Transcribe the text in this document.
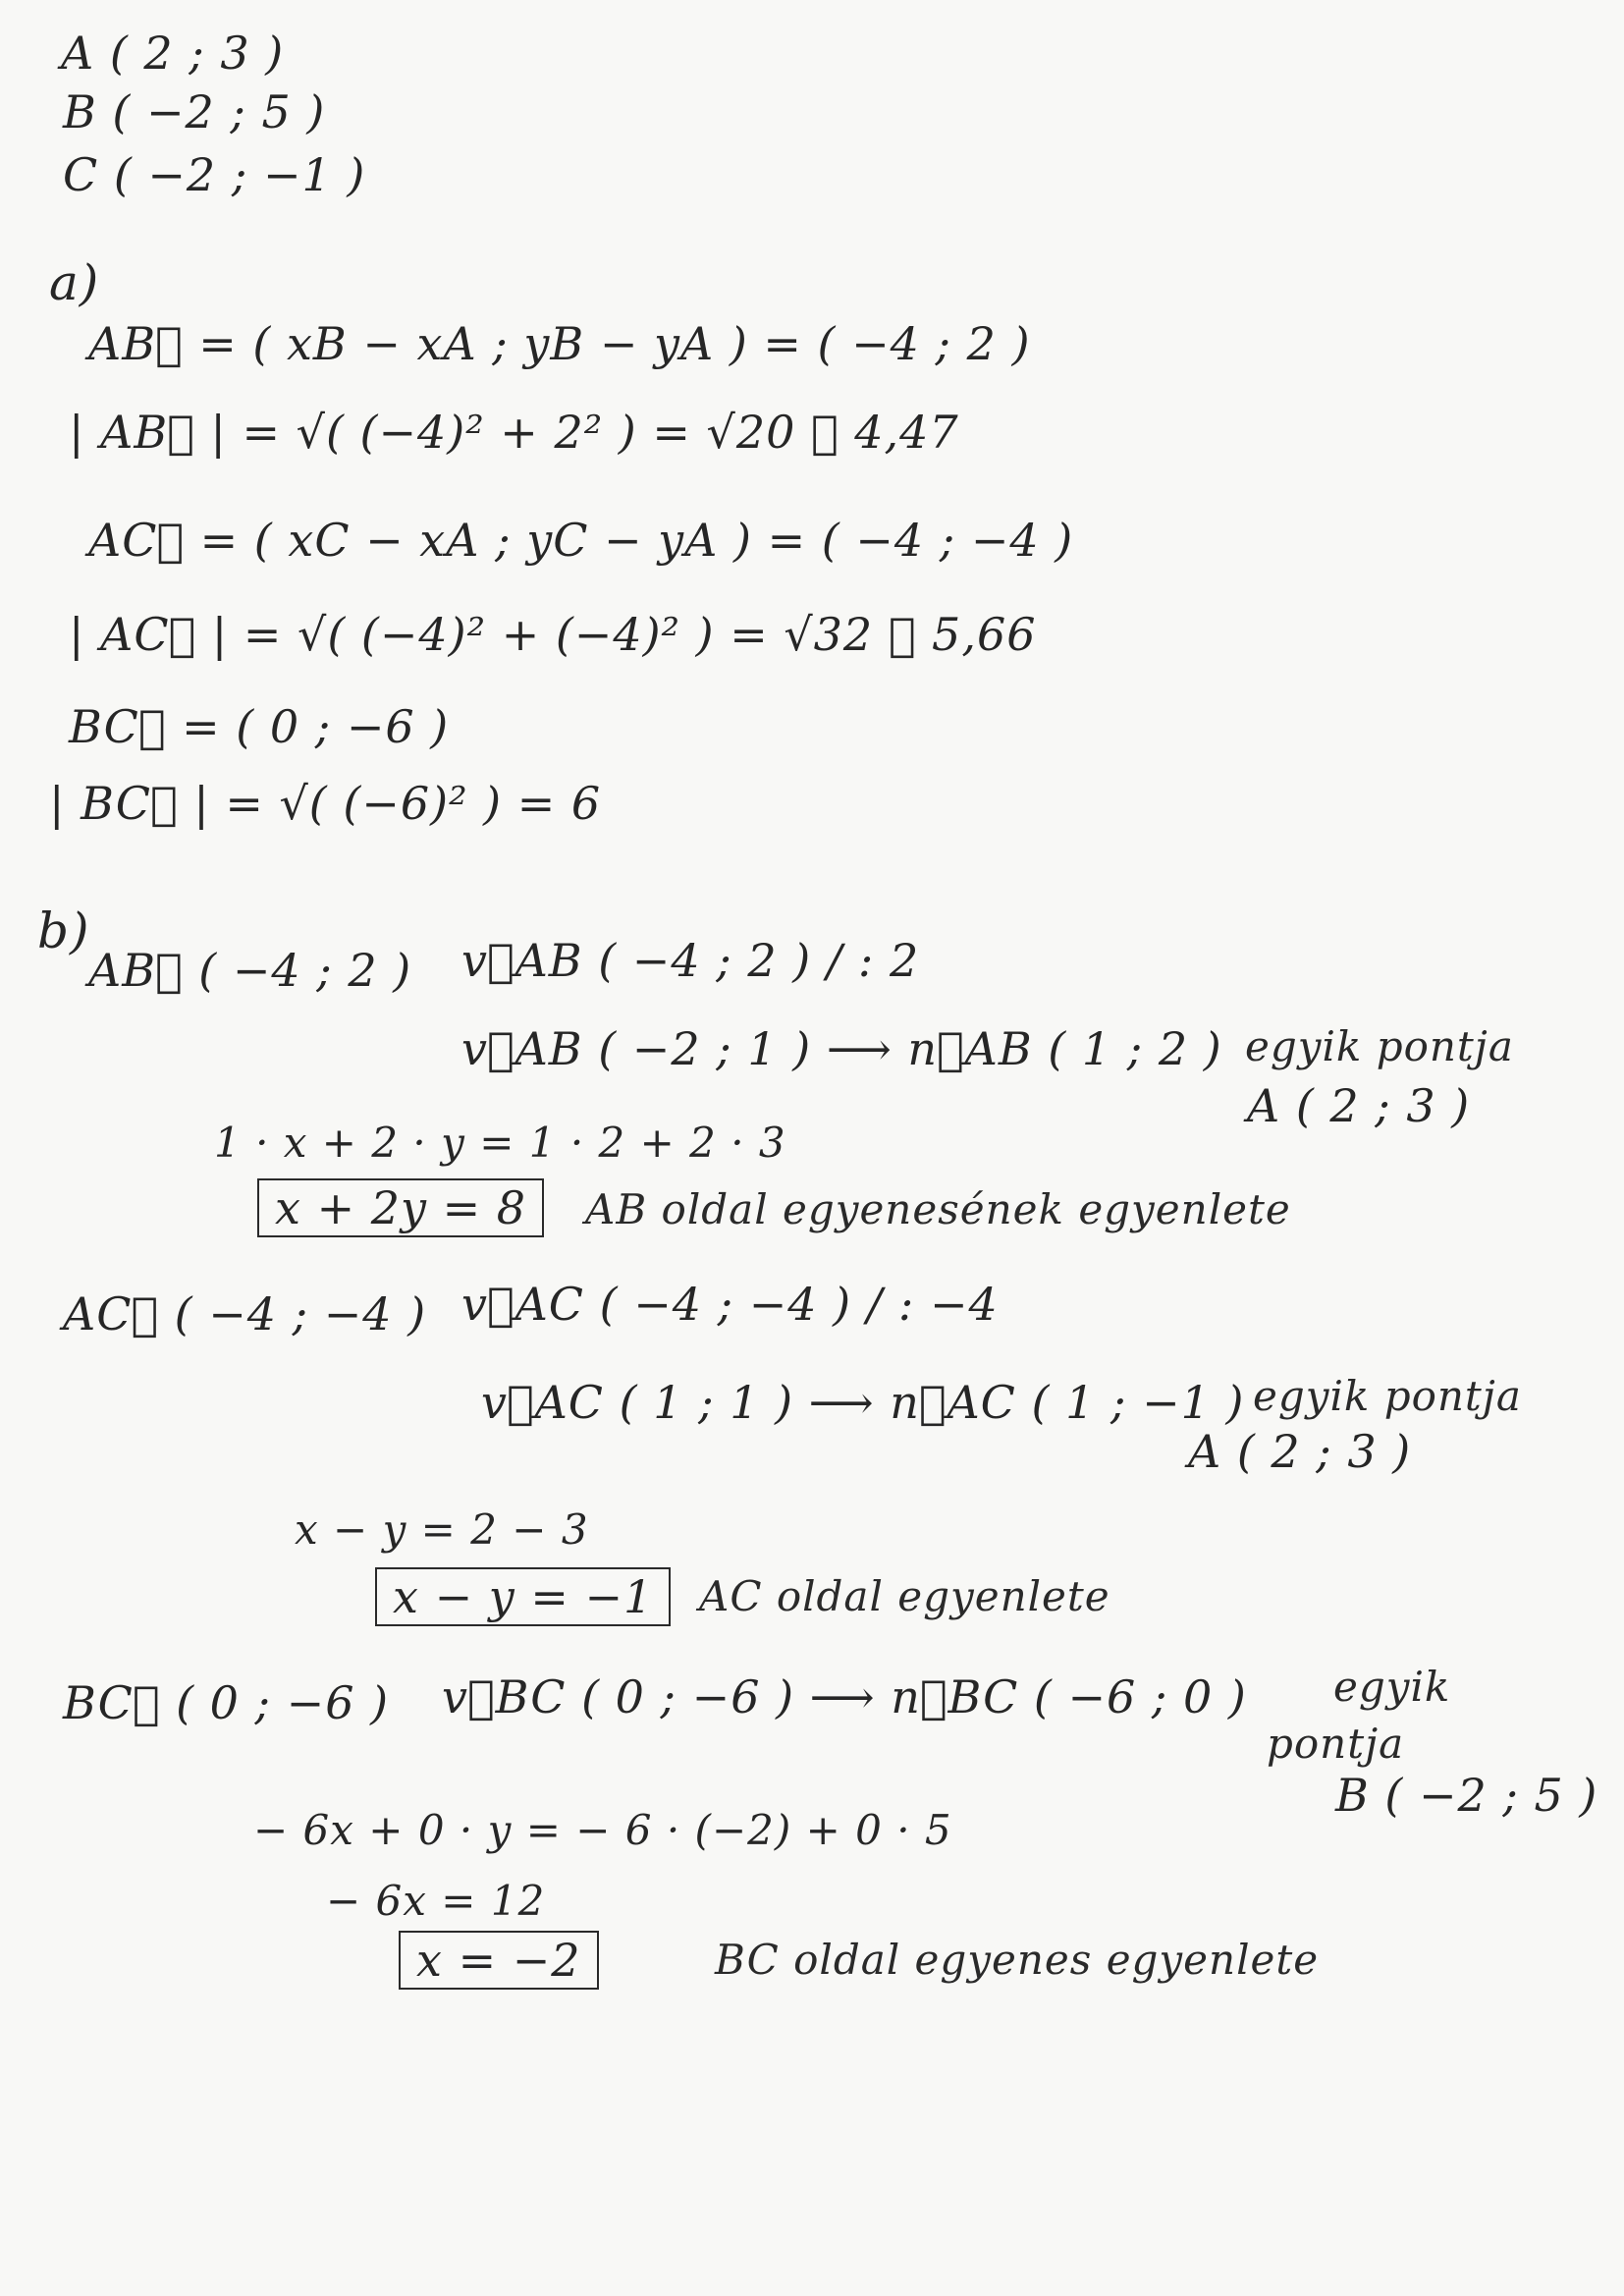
A ( 2 ; 3 )
B ( −2 ; 5 )
C ( −2 ; −1 )
a)
AB⃗ = ( xB − xA ; yB − yA ) = ( −4 ; 2 )
| AB⃗ | = √( (−4)² + 2² ) = √20 ≅ 4,47
AC⃗ = ( xC − xA ; yC − yA ) = ( −4 ; −4 )
| AC⃗ | = √( (−4)² + (−4)² ) = √32 ≅ 5,66
BC⃗ = ( 0 ; −6 )
| BC⃗ | = √( (−6)² ) = 6
b)
AB⃗ ( −4 ; 2 ) v⃗AB ( −4 ; 2 ) / : 2
v⃗AB ( −2 ; 1 ) ⟶ n⃗AB ( 1 ; 2 ) egyik pontja
A ( 2 ; 3 )
1 · x + 2 · y = 1 · 2 + 2 · 3
x + 2y = 8	AB oldal egyenesének egyenlete
AC⃗ ( −4 ; −4 ) v⃗AC ( −4 ; −4 ) / : −4
v⃗AC ( 1 ; 1 ) ⟶ n⃗AC ( 1 ; −1 ) egyik pontja
A ( 2 ; 3 )
x − y = 2 − 3
x − y = −1	AC oldal egyenlete
BC⃗ ( 0 ; −6 ) v⃗BC ( 0 ; −6 ) ⟶ n⃗BC ( −6 ; 0 ) egyik
pontja
B ( −2 ; 5 )
− 6x + 0 · y = − 6 · (−2) + 0 · 5
− 6x = 12
x = −2	BC oldal egyenes egyenlete
